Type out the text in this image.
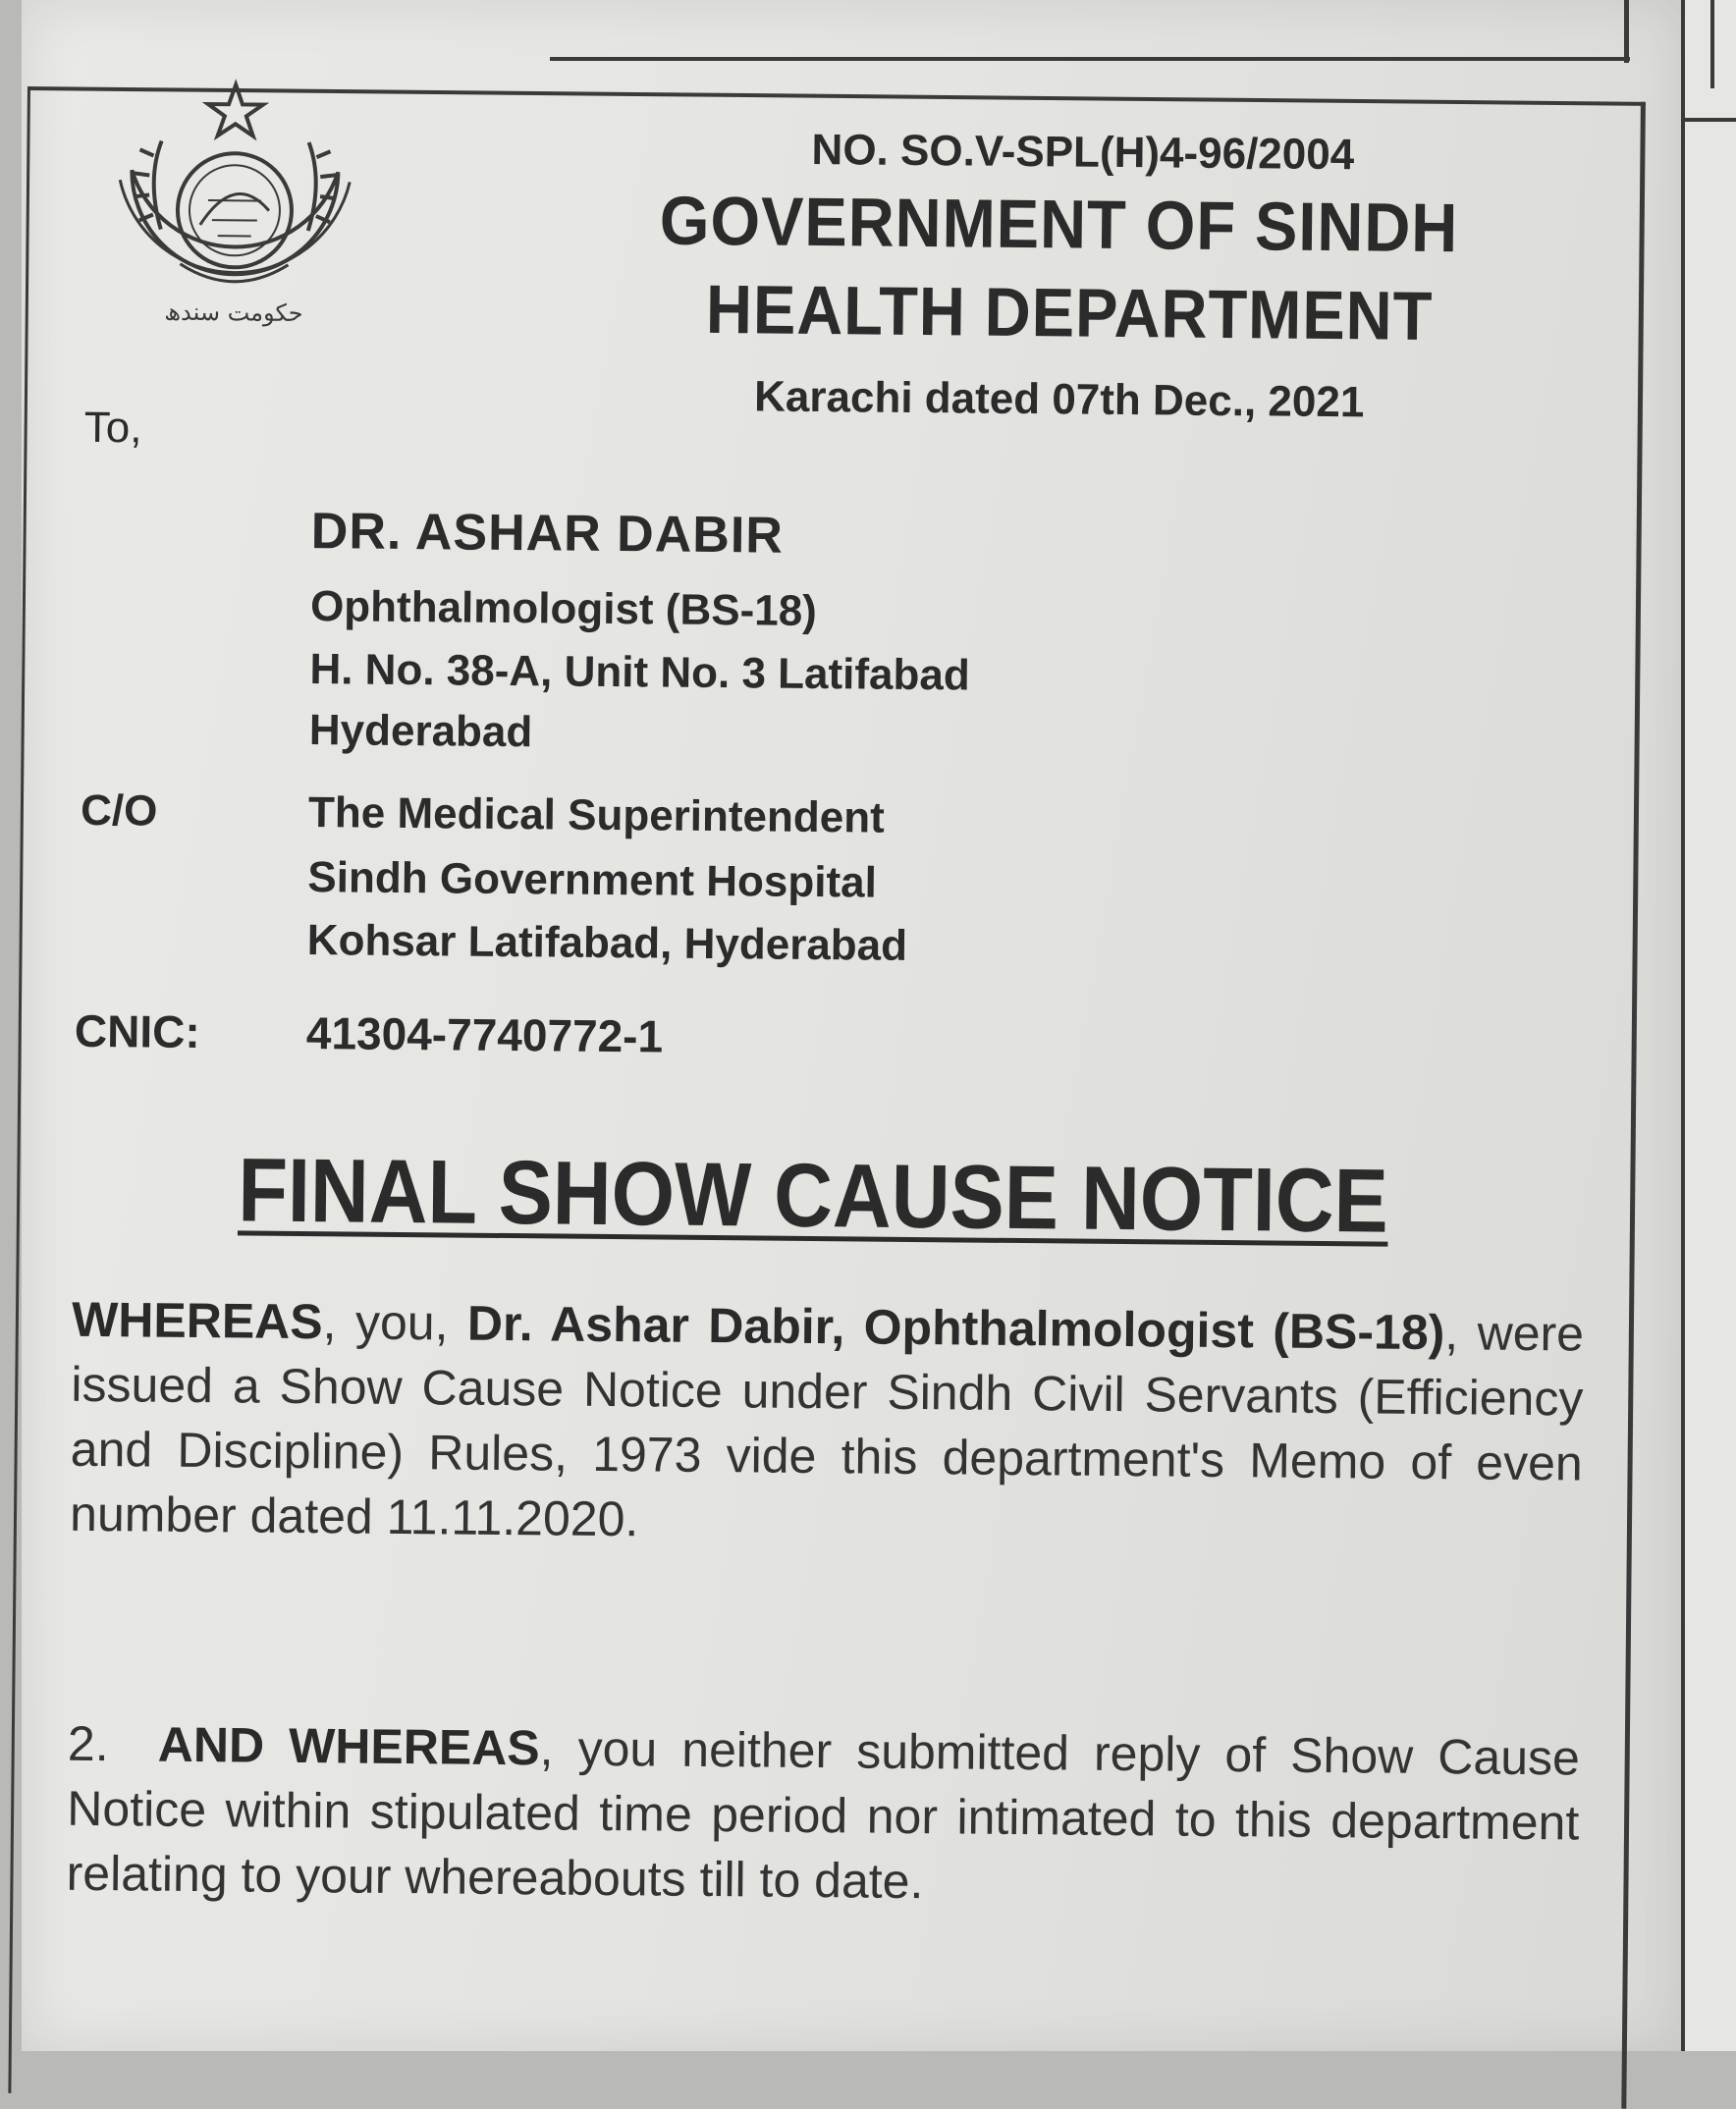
حکومت سندھ

NO. SO.V-SPL(H)4-96/2004

GOVERNMENT OF SINDH

HEALTH DEPARTMENT

Karachi dated 07th Dec., 2021

To,

DR. ASHAR DABIR

Ophthalmologist (BS-18)

H. No. 38-A, Unit No. 3 Latifabad

Hyderabad

C/O	The Medical Superintendent

Sindh Government Hospital

Kohsar Latifabad, Hyderabad

CNIC: 41304-7740772-1

FINAL SHOW CAUSE NOTICE

WHEREAS, you, Dr. Ashar Dabir, Ophthalmologist (BS-18), were issued a Show Cause Notice under Sindh Civil Servants (Efficiency and Discipline) Rules, 1973 vide this department's Memo of even number dated 11.11.2020.

2. AND WHEREAS, you neither submitted reply of Show Cause Notice within stipulated time period nor intimated to this department relating to your whereabouts till to date.
